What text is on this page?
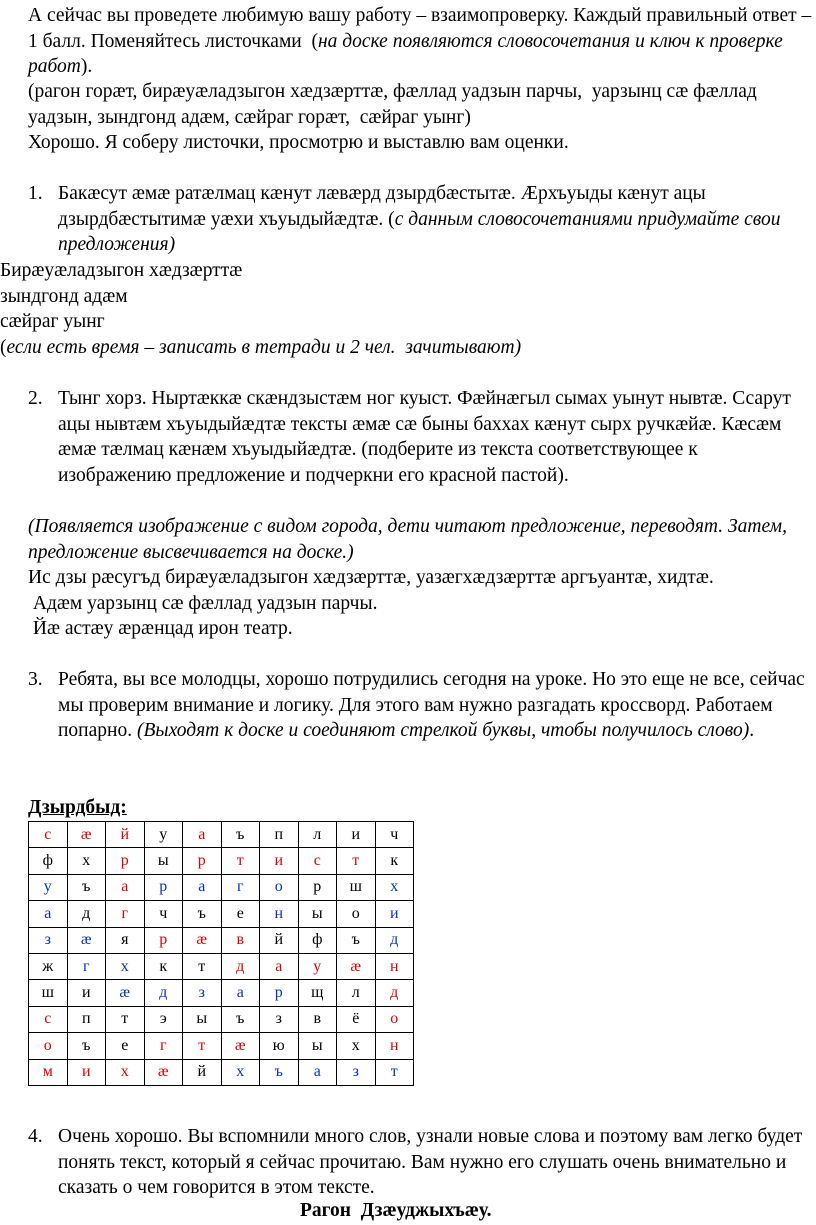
А сейчас вы проведете любимую вашу работу – взаимопроверку. Каждый правильный ответ – 1 балл. Поменяйтесь листочками  (на доске появляются словосочетания и ключ к проверке работ).

(рагон горæт, бирæуæладзыгон хæдзæрттæ, фæллад уадзын парчы,  уарзынц сæ фæллад уадзын, зындгонд адæм, сæйраг горæт,  сæйраг уынг)

Хорошо. Я соберу листочки, просмотрю и выставлю вам оценки.

1. Бакæсут æмæ ратæлмац кæнут лæвæрд дзырдбæстытæ. Æрхъуыды кæнут ацы дзырдбæстытимæ уæхи хъуыдыйæдтæ. (с данным словосочетаниями придумайте свои предложения)

Бирæуæладзыгон хæдзæрттæ

зындгонд адæм

сæйраг уынг

(если есть время – записать в тетради и 2 чел.  зачитывают)

2. Тынг хорз. Ныртæккæ скæндзыстæм ног куыст. Фæйнæгыл сымах уынут нывтæ. Ссарут ацы нывтæм хъуыдыйæдтæ тексты æмæ сæ быны баххах кæнут сырх ручкæйæ. Кæсæм æмæ тæлмац кæнæм хъуыдыйæдтæ. (подберите из текста соответствующее к изображению предложение и подчеркни его красной пастой).

(Появляется изображение с видом города, дети читают предложение, переводят. Затем, предложение высвечивается на доске.)

Ис дзы рæсугъд бирæуæладзыгон хæдзæрттæ, уазæгхæдзæрттæ аргъуантæ, хидтæ.

Адæм уарзынц сæ фæллад уадзын парчы.

Йæ астæу æрæнцад ирон театр.

3. Ребята, вы все молодцы, хорошо потрудились сегодня на уроке. Но это еще не все, сейчас мы проверим внимание и логику. Для этого вам нужно разгадать кроссворд. Работаем попарно. (Выходят к доске и соединяют стрелкой буквы, чтобы получилось слово).

Дзырдбыд:

с	æ	й	у	а	ъ	п	л	и	ч
ф	х	р	ы	р	т	и	с	т	к
у	ъ	а	р	а	г	о	р	ш	х
а	д	г	ч	ъ	е	н	ы	о	и
з	æ	я	р	æ	в	й	ф	ъ	д
ж	г	х	к	т	д	а	у	æ	н
ш	и	æ	д	з	а	р	щ	л	д
с	п	т	э	ы	ъ	з	в	ё	о
о	ъ	е	г	т	æ	ю	ы	х	н
м	и	х	æ	й	х	ъ	а	з	т
4. Очень хорошо. Вы вспомнили много слов, узнали новые слова и поэтому вам легко будет понять текст, который я сейчас прочитаю. Вам нужно его слушать очень внимательно и сказать о чем говорится в этом тексте.

Рагон  Дзæуджыхъæу.
